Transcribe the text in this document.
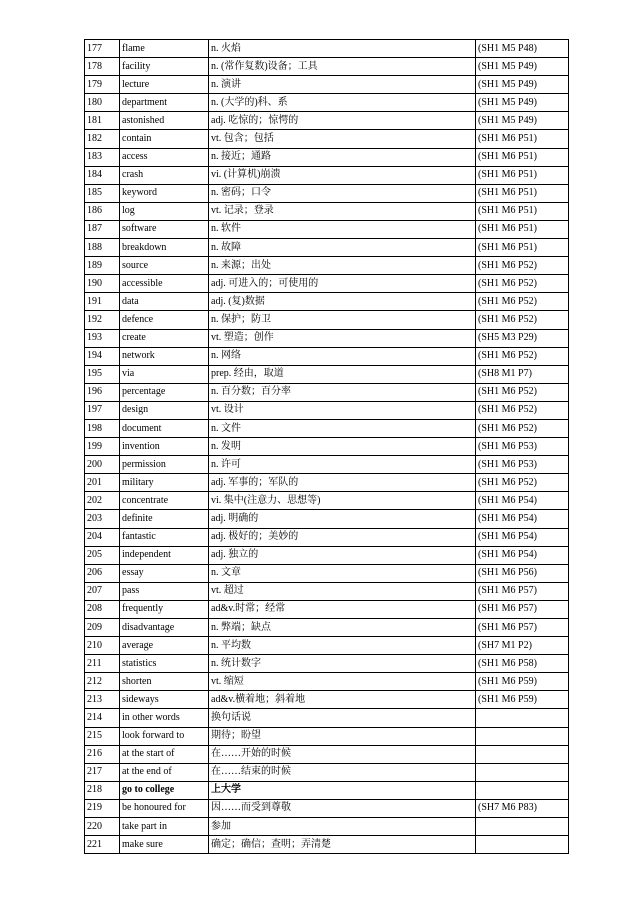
177	flame	n. 火焰	(SH1 M5 P48)
178	facility	n. (常作复数)设备；工具	(SH1 M5 P49)
179	lecture	n. 演讲	(SH1 M5 P49)
180	department	n. (大学的)科、系	(SH1 M5 P49)
181	astonished	adj. 吃惊的；惊愕的	(SH1 M5 P49)
182	contain	vt. 包含；包括	(SH1 M6 P51)
183	access	n. 接近；通路	(SH1 M6 P51)
184	crash	vi. (计算机)崩溃	(SH1 M6 P51)
185	keyword	n. 密码；口令	(SH1 M6 P51)
186	log	vt. 记录；登录	(SH1 M6 P51)
187	software	n. 软件	(SH1 M6 P51)
188	breakdown	n. 故障	(SH1 M6 P51)
189	source	n. 来源；出处	(SH1 M6 P52)
190	accessible	adj. 可进入的；可使用的	(SH1 M6 P52)
191	data	adj. (复)数据	(SH1 M6 P52)
192	defence	n. 保护；防卫	(SH1 M6 P52)
193	create	vt. 塑造；创作	(SH5 M3 P29)
194	network	n. 网络	(SH1 M6 P52)
195	via	prep. 经由，取道	(SH8 M1 P7)
196	percentage	n. 百分数；百分率	(SH1 M6 P52)
197	design	vt. 设计	(SH1 M6 P52)
198	document	n. 文件	(SH1 M6 P52)
199	invention	n. 发明	(SH1 M6 P53)
200	permission	n. 许可	(SH1 M6 P53)
201	military	adj. 军事的；军队的	(SH1 M6 P52)
202	concentrate	vi. 集中(注意力、思想等)	(SH1 M6 P54)
203	definite	adj. 明确的	(SH1 M6 P54)
204	fantastic	adj. 极好的；美妙的	(SH1 M6 P54)
205	independent	adj. 独立的	(SH1 M6 P54)
206	essay	n. 文章	(SH1 M6 P56)
207	pass	vt. 超过	(SH1 M6 P57)
208	frequently	ad&v.时常；经常	(SH1 M6 P57)
209	disadvantage	n. 弊端；缺点	(SH1 M6 P57)
210	average	n. 平均数	(SH7 M1 P2)
211	statistics	n. 统计数字	(SH1 M6 P58)
212	shorten	vt. 缩短	(SH1 M6 P59)
213	sideways	ad&v.横着地；斜着地	(SH1 M6 P59)
214	in other words	换句话说	
215	look forward to	期待；盼望	
216	at the start of	在……开始的时候	
217	at the end of	在……结束的时候	
218	go to college	上大学	
219	be honoured for	因……而受到尊敬	(SH7 M6 P83)
220	take part in	参加	
221	make sure	确定；确信；查明；弄清楚	
